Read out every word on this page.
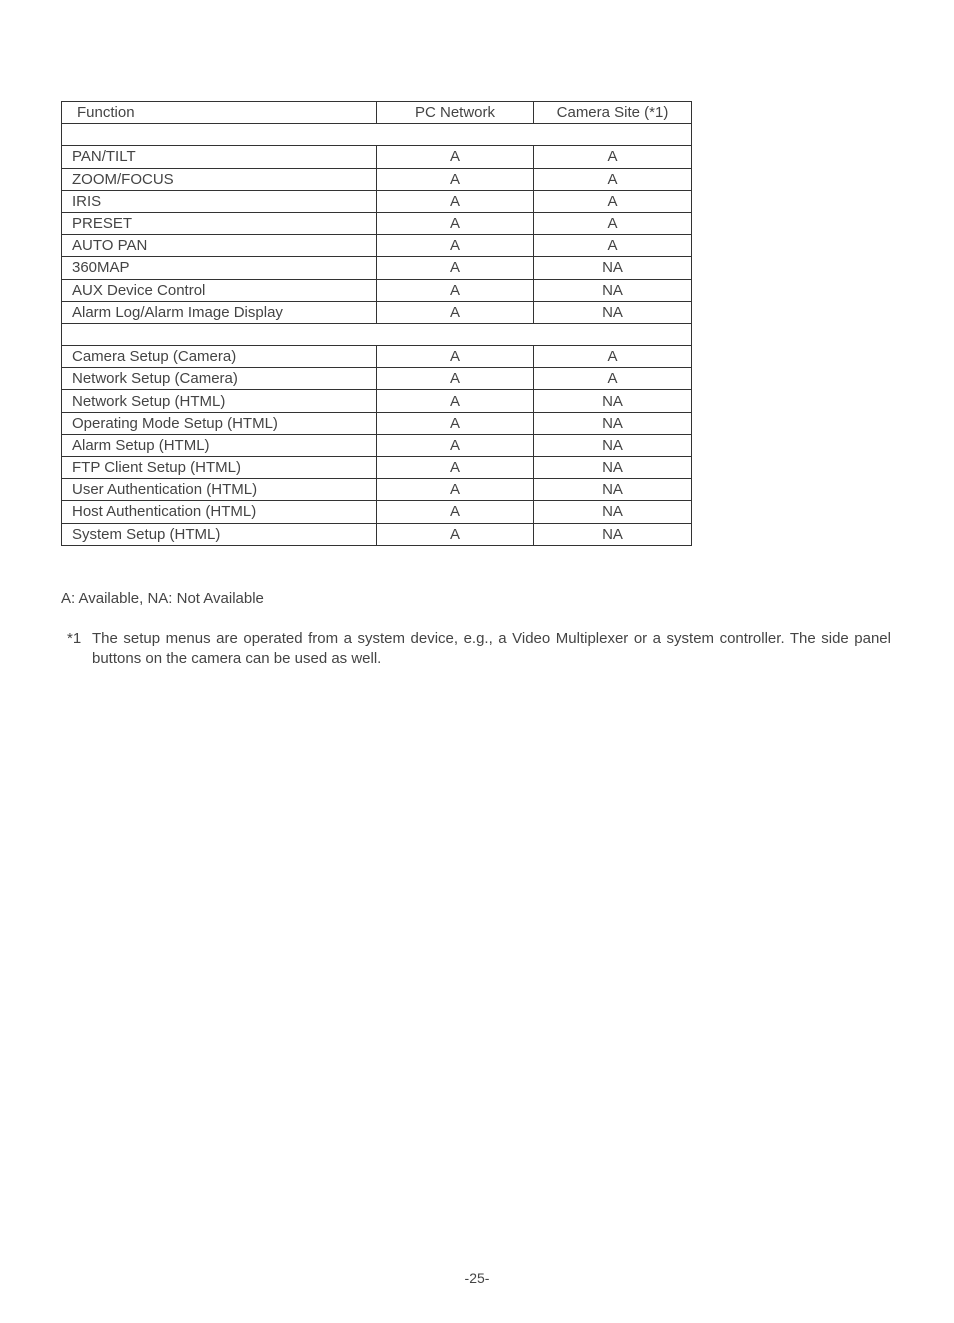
Function	PC Network	Camera Site (*1)

PAN/TILT	A	A
ZOOM/FOCUS	A	A
IRIS	A	A
PRESET	A	A
AUTO PAN	A	A
360MAP	A	NA
AUX Device Control	A	NA
Alarm Log/Alarm Image Display	A	NA

Camera Setup (Camera)	A	A
Network Setup (Camera)	A	A
Network Setup (HTML)	A	NA
Operating Mode Setup (HTML)	A	NA
Alarm Setup (HTML)	A	NA
FTP Client Setup (HTML)	A	NA
User Authentication (HTML)	A	NA
Host Authentication (HTML)	A	NA
System Setup (HTML)	A	NA
A: Available, NA: Not Available
*1 The setup menus are operated from a system device, e.g., a Video Multiplexer or a system controller. The side panel buttons on the camera can be used as well.
-25-
